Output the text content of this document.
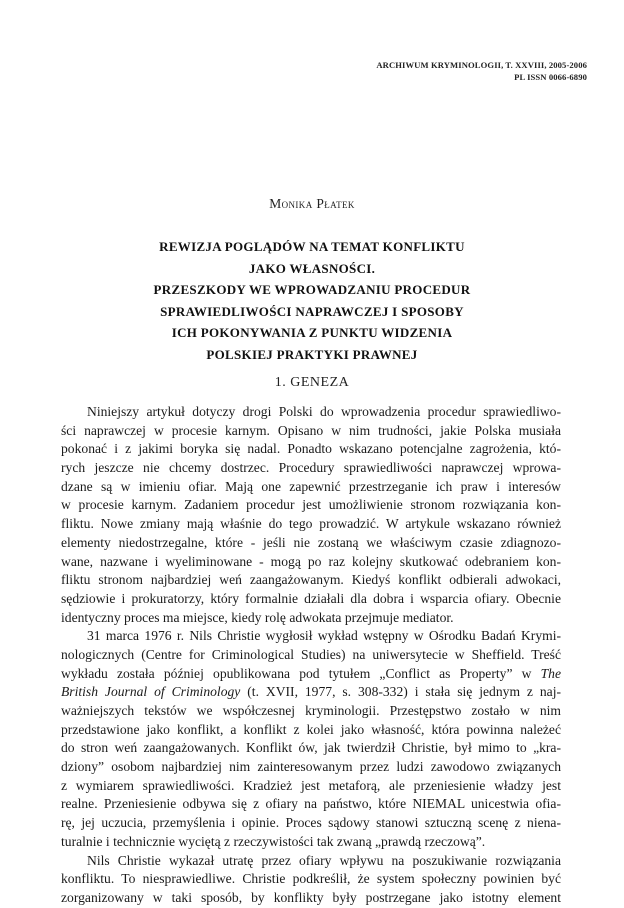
ARCHIWUM KRYMINOLOGII, T. XXVIII, 2005-2006
PL ISSN 0066-6890
Monika Płatek
REWIZJA POGLĄDÓW NA TEMAT KONFLIKTU
JAKO WŁASNOŚCI.
PRZESZKODY WE WPROWADZANIU PROCEDUR
SPRAWIEDLIWOŚCI NAPRAWCZEJ I SPOSOBY
ICH POKONYWANIA Z PUNKTU WIDZENIA
POLSKIEJ PRAKTYKI PRAWNEJ
1. GENEZA
Niniejszy artykuł dotyczy drogi Polski do wprowadzenia procedur sprawiedliwo-
ści naprawczej w procesie karnym. Opisano w nim trudności, jakie Polska musiała
pokonać i z jakimi boryka się nadal. Ponadto wskazano potencjalne zagrożenia, któ-
rych jeszcze nie chcemy dostrzec. Procedury sprawiedliwości naprawczej wprowa-
dzane są w imieniu ofiar. Mają one zapewnić przestrzeganie ich praw i interesów
w procesie karnym. Zadaniem procedur jest umożliwienie stronom rozwiązania kon-
fliktu. Nowe zmiany mają właśnie do tego prowadzić. W artykule wskazano również
elementy niedostrzegalne, które - jeśli nie zostaną we właściwym czasie zdiagnozo-
wane, nazwane i wyeliminowane - mogą po raz kolejny skutkować odebraniem kon-
fliktu stronom najbardziej weń zaangażowanym. Kiedyś konflikt odbierali adwokaci,
sędziowie i prokuratorzy, który formalnie działali dla dobra i wsparcia ofiary. Obecnie
identyczny proces ma miejsce, kiedy rolę adwokata przejmuje mediator.
31 marca 1976 r. Nils Christie wygłosił wykład wstępny w Ośrodku Badań Krymi-
nologicznych (Centre for Criminological Studies) na uniwersytecie w Sheffield. Treść
wykładu została później opublikowana pod tytułem „Conflict as Property” w The
British Journal of Criminology (t. XVII, 1977, s. 308-332) i stała się jednym z naj-
ważniejszych tekstów we współczesnej kryminologii. Przestępstwo zostało w nim
przedstawione jako konflikt, a konflikt z kolei jako własność, która powinna należeć
do stron weń zaangażowanych. Konflikt ów, jak twierdził Christie, był mimo to „kra-
dziony” osobom najbardziej nim zainteresowanym przez ludzi zawodowo związanych
z wymiarem sprawiedliwości. Kradzież jest metaforą, ale przeniesienie władzy jest
realne. Przeniesienie odbywa się z ofiary na państwo, które NIEMAL unicestwia ofia-
rę, jej uczucia, przemyślenia i opinie. Proces sądowy stanowi sztuczną scenę z niena-
turalnie i technicznie wyciętą z rzeczywistości tak zwaną „prawdą rzeczową”.
Nils Christie wykazał utratę przez ofiary wpływu na poszukiwanie rozwiązania
konfliktu. To niesprawiedliwe. Christie podkreślił, że system społeczny powinien być
zorganizowany w taki sposób, by konflikty były postrzegane jako istotny element
